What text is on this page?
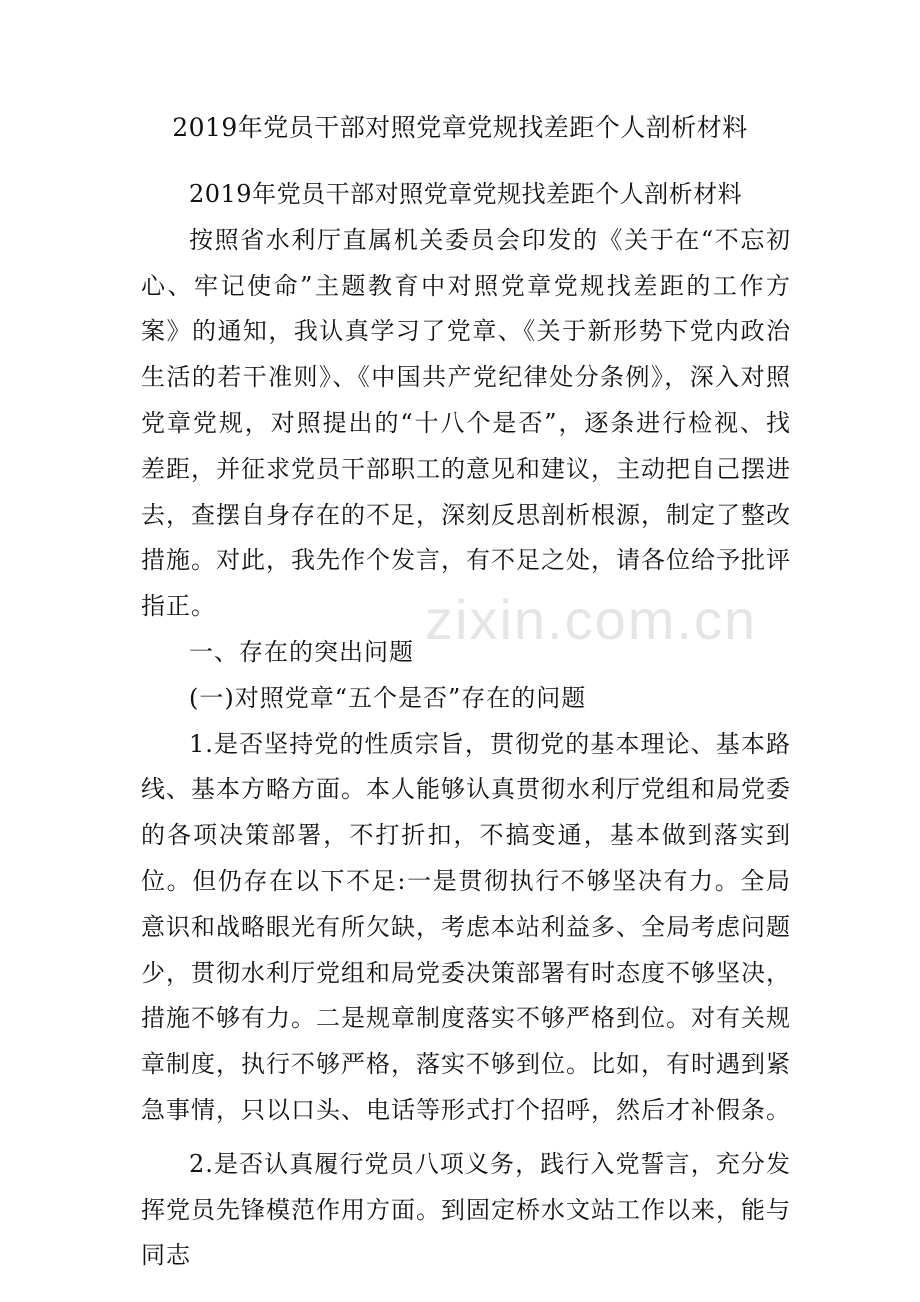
2019年党员干部对照党章党规找差距个人剖析材料

2019年党员干部对照党章党规找差距个人剖析材料

按照省水利厅直属机关委员会印发的《关于在“不忘初心、牢记使命”主题教育中对照党章党规找差距的工作方案》的通知，我认真学习了党章、《关于新形势下党内政治生活的若干准则》、《中国共产党纪律处分条例》，深入对照党章党规，对照提出的“十八个是否”，逐条进行检视、找差距，并征求党员干部职工的意见和建议，主动把自己摆进去，查摆自身存在的不足，深刻反思剖析根源，制定了整改措施。对此，我先作个发言，有不足之处，请各位给予批评指正。

一、存在的突出问题

(一)对照党章“五个是否”存在的问题

1.是否坚持党的性质宗旨，贯彻党的基本理论、基本路线、基本方略方面。本人能够认真贯彻水利厅党组和局党委的各项决策部署，不打折扣，不搞变通，基本做到落实到位。但仍存在以下不足:一是贯彻执行不够坚决有力。全局意识和战略眼光有所欠缺，考虑本站利益多、全局考虑问题少，贯彻水利厅党组和局党委决策部署有时态度不够坚决，措施不够有力。二是规章制度落实不够严格到位。对有关规章制度，执行不够严格，落实不够到位。比如，有时遇到紧急事情，只以口头、电话等形式打个招呼，然后才补假条。

2.是否认真履行党员八项义务，践行入党誓言，充分发挥党员先锋模范作用方面。到固定桥水文站工作以来，能与同志

zixin.com.cn
